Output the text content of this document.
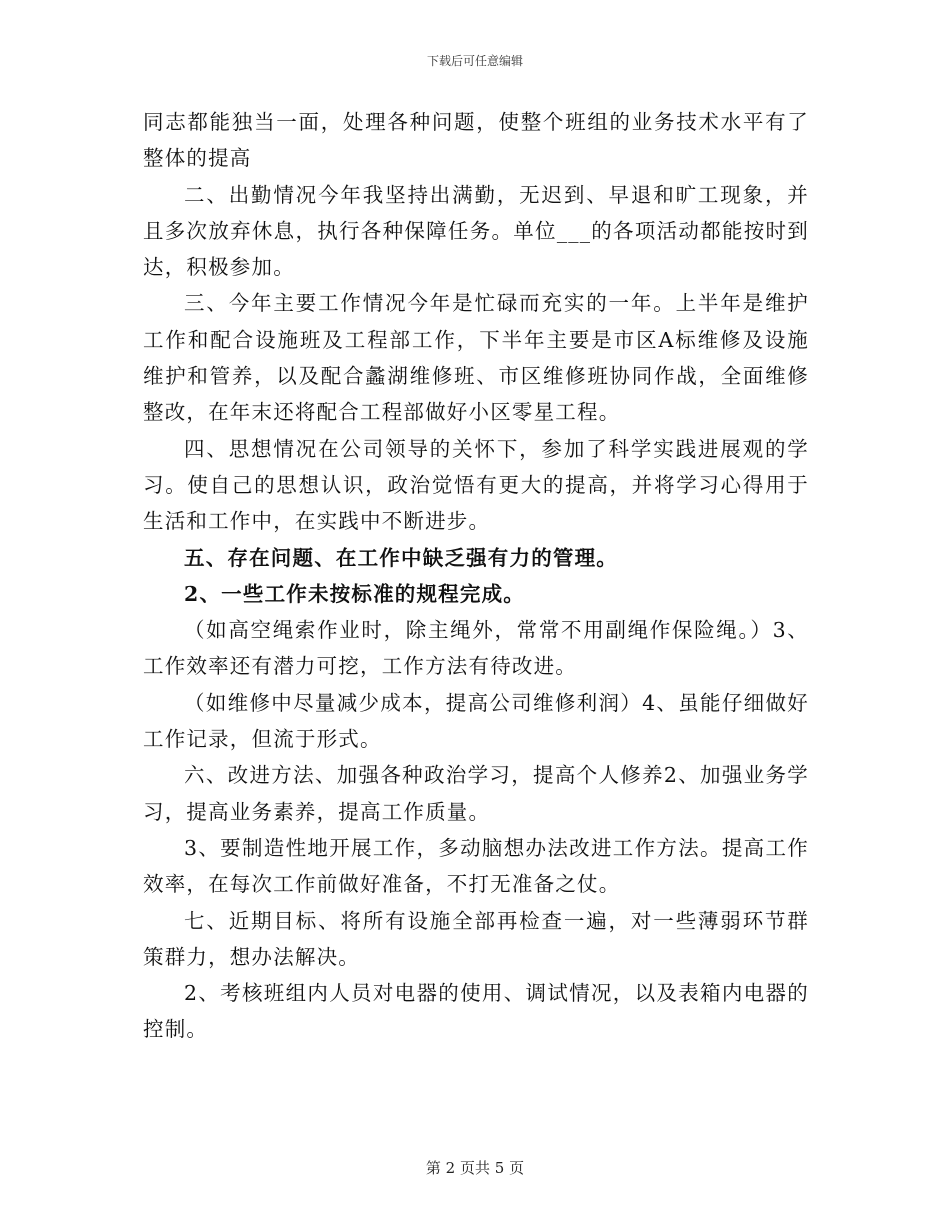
下载后可任意编辑

同志都能独当一面，处理各种问题，使整个班组的业务技术水平有了整体的提高

二、出勤情况今年我坚持出满勤，无迟到、早退和旷工现象，并且多次放弃休息，执行各种保障任务。单位___的各项活动都能按时到达，积极参加。

三、今年主要工作情况今年是忙碌而充实的一年。上半年是维护工作和配合设施班及工程部工作，下半年主要是市区A标维修及设施维护和管养，以及配合蠡湖维修班、市区维修班协同作战，全面维修整改，在年末还将配合工程部做好小区零星工程。

四、思想情况在公司领导的关怀下，参加了科学实践进展观的学习。使自己的思想认识，政治觉悟有更大的提高，并将学习心得用于生活和工作中，在实践中不断进步。

五、存在问题、在工作中缺乏强有力的管理。

2、一些工作未按标准的规程完成。

（如高空绳索作业时，除主绳外，常常不用副绳作保险绳。）3、工作效率还有潜力可挖，工作方法有待改进。

（如维修中尽量减少成本，提高公司维修利润）4、虽能仔细做好工作记录，但流于形式。

六、改进方法、加强各种政治学习，提高个人修养2、加强业务学习，提高业务素养，提高工作质量。

3、要制造性地开展工作，多动脑想办法改进工作方法。提高工作效率，在每次工作前做好准备，不打无准备之仗。

七、近期目标、将所有设施全部再检查一遍，对一些薄弱环节群策群力，想办法解决。

2、考核班组内人员对电器的使用、调试情况，以及表箱内电器的控制。

第 2 页共 5 页
